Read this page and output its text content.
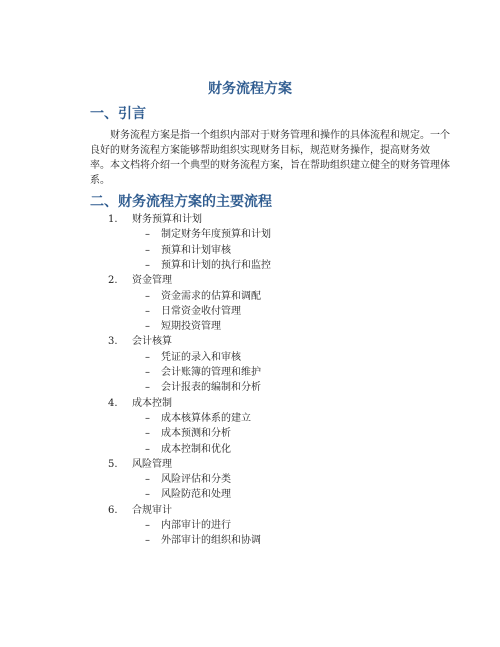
财务流程方案
一、引言

财务流程方案是指一个组织内部对于财务管理和操作的具体流程和规定。一个
良好的财务流程方案能够帮助组织实现财务目标，规范财务操作，提高财务效
率。本文档将介绍一个典型的财务流程方案，旨在帮助组织建立健全的财务管理体
系。

二、财务流程方案的主要流程
1.	财务预算和计划
– 制定财务年度预算和计划
– 预算和计划审核
– 预算和计划的执行和监控
2.	资金管理
– 资金需求的估算和调配
– 日常资金收付管理
– 短期投资管理
3.	会计核算
– 凭证的录入和审核
– 会计账簿的管理和维护
– 会计报表的编制和分析
4.	成本控制
– 成本核算体系的建立
– 成本预测和分析
– 成本控制和优化
5.	风险管理
– 风险评估和分类
– 风险防范和处理
6.	合规审计
– 内部审计的进行
– 外部审计的组织和协调
